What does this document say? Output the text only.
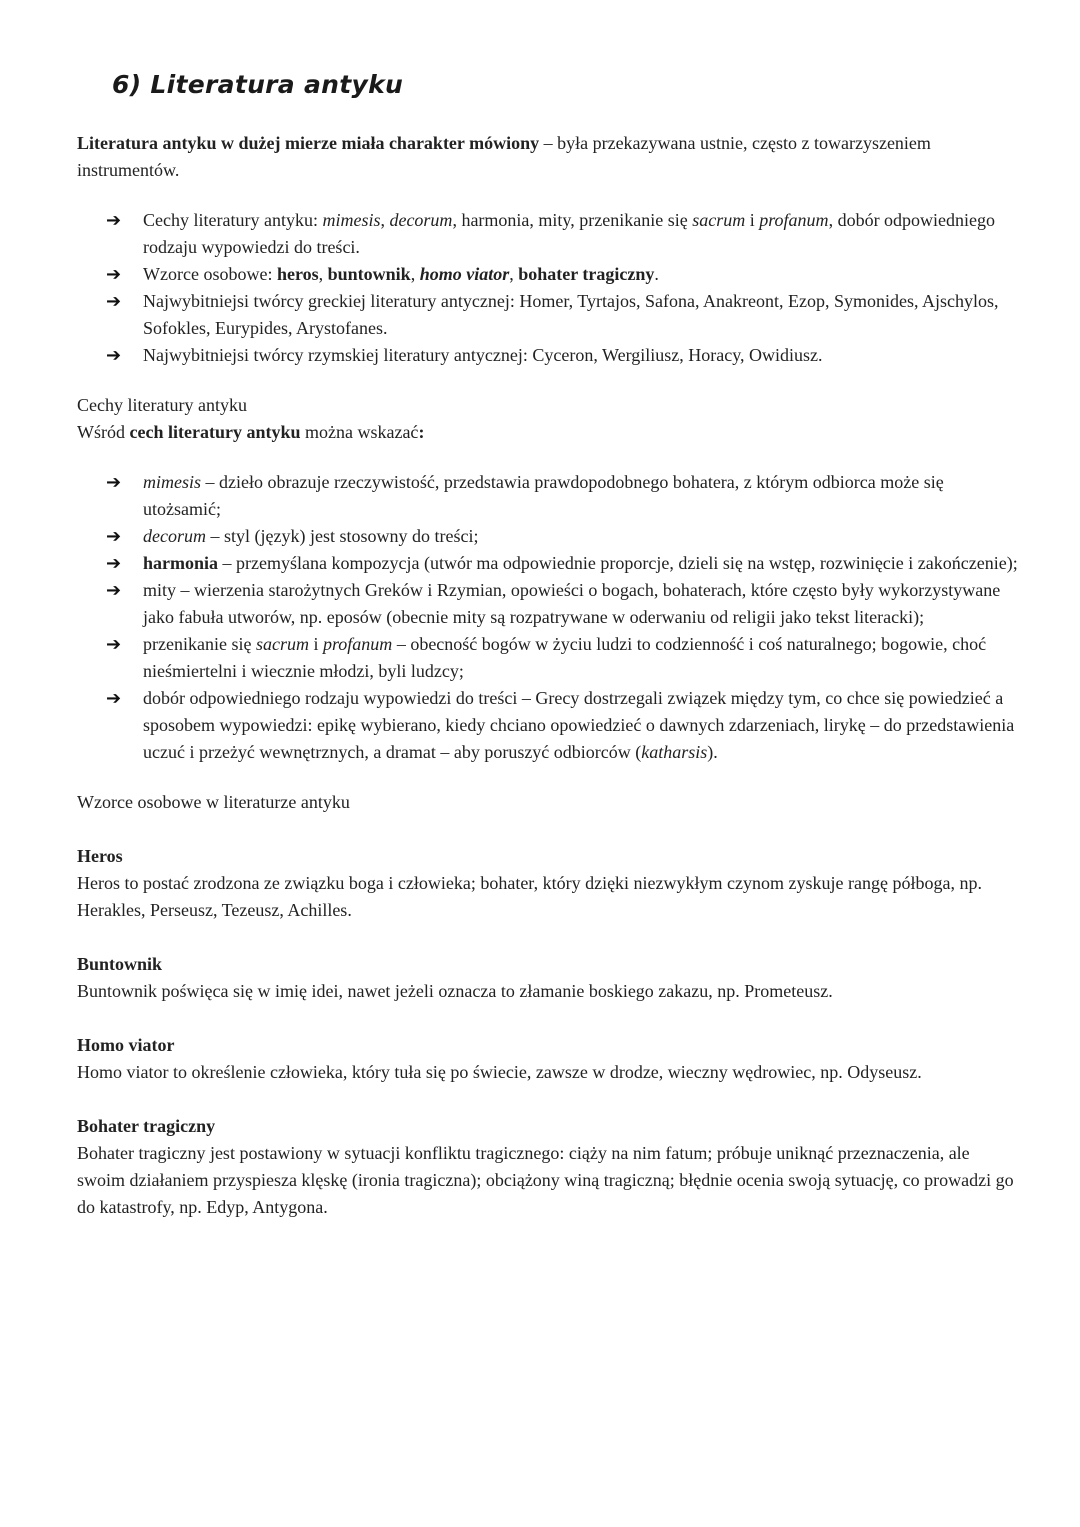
6) Literatura antyku

Literatura antyku w dużej mierze miała charakter mówiony – była przekazywana ustnie, często z towarzyszeniem instrumentów.

➔ Cechy literatury antyku: mimesis, decorum, harmonia, mity, przenikanie się sacrum i profanum, dobór odpowiedniego rodzaju wypowiedzi do treści.
➔ Wzorce osobowe: heros, buntownik, homo viator, bohater tragiczny.
➔ Najwybitniejsi twórcy greckiej literatury antycznej: Homer, Tyrtajos, Safona, Anakreont, Ezop, Symonides, Ajschylos, Sofokles, Eurypides, Arystofanes.
➔ Najwybitniejsi twórcy rzymskiej literatury antycznej: Cyceron, Wergiliusz, Horacy, Owidiusz.

Cechy literatury antyku

Wśród cech literatury antyku można wskazać:

➔ mimesis – dzieło obrazuje rzeczywistość, przedstawia prawdopodobnego bohatera, z którym odbiorca może się utożsamić;
➔ decorum – styl (język) jest stosowny do treści;
➔ harmonia – przemyślana kompozycja (utwór ma odpowiednie proporcje, dzieli się na wstęp, rozwinięcie i zakończenie);
➔ mity – wierzenia starożytnych Greków i Rzymian, opowieści o bogach, bohaterach, które często były wykorzystywane jako fabuła utworów, np. eposów (obecnie mity są rozpatrywane w oderwaniu od religii jako tekst literacki);
➔ przenikanie się sacrum i profanum – obecność bogów w życiu ludzi to codzienność i coś naturalnego; bogowie, choć nieśmiertelni i wiecznie młodzi, byli ludzcy;
➔ dobór odpowiedniego rodzaju wypowiedzi do treści – Grecy dostrzegali związek między tym, co chce się powiedzieć a sposobem wypowiedzi: epikę wybierano, kiedy chciano opowiedzieć o dawnych zdarzeniach, lirykę – do przedstawienia uczuć i przeżyć wewnętrznych, a dramat – aby poruszyć odbiorców (katharsis).

Wzorce osobowe w literaturze antyku

Heros

Heros to postać zrodzona ze związku boga i człowieka; bohater, który dzięki niezwykłym czynom zyskuje rangę półboga, np. Herakles, Perseusz, Tezeusz, Achilles.

Buntownik

Buntownik poświęca się w imię idei, nawet jeżeli oznacza to złamanie boskiego zakazu, np. Prometeusz.

Homo viator

Homo viator to określenie człowieka, który tuła się po świecie, zawsze w drodze, wieczny wędrowiec, np. Odyseusz.

Bohater tragiczny

Bohater tragiczny jest postawiony w sytuacji konfliktu tragicznego: ciąży na nim fatum; próbuje uniknąć przeznaczenia, ale swoim działaniem przyspiesza klęskę (ironia tragiczna); obciążony winą tragiczną; błędnie ocenia swoją sytuację, co prowadzi go do katastrofy, np. Edyp, Antygona.
